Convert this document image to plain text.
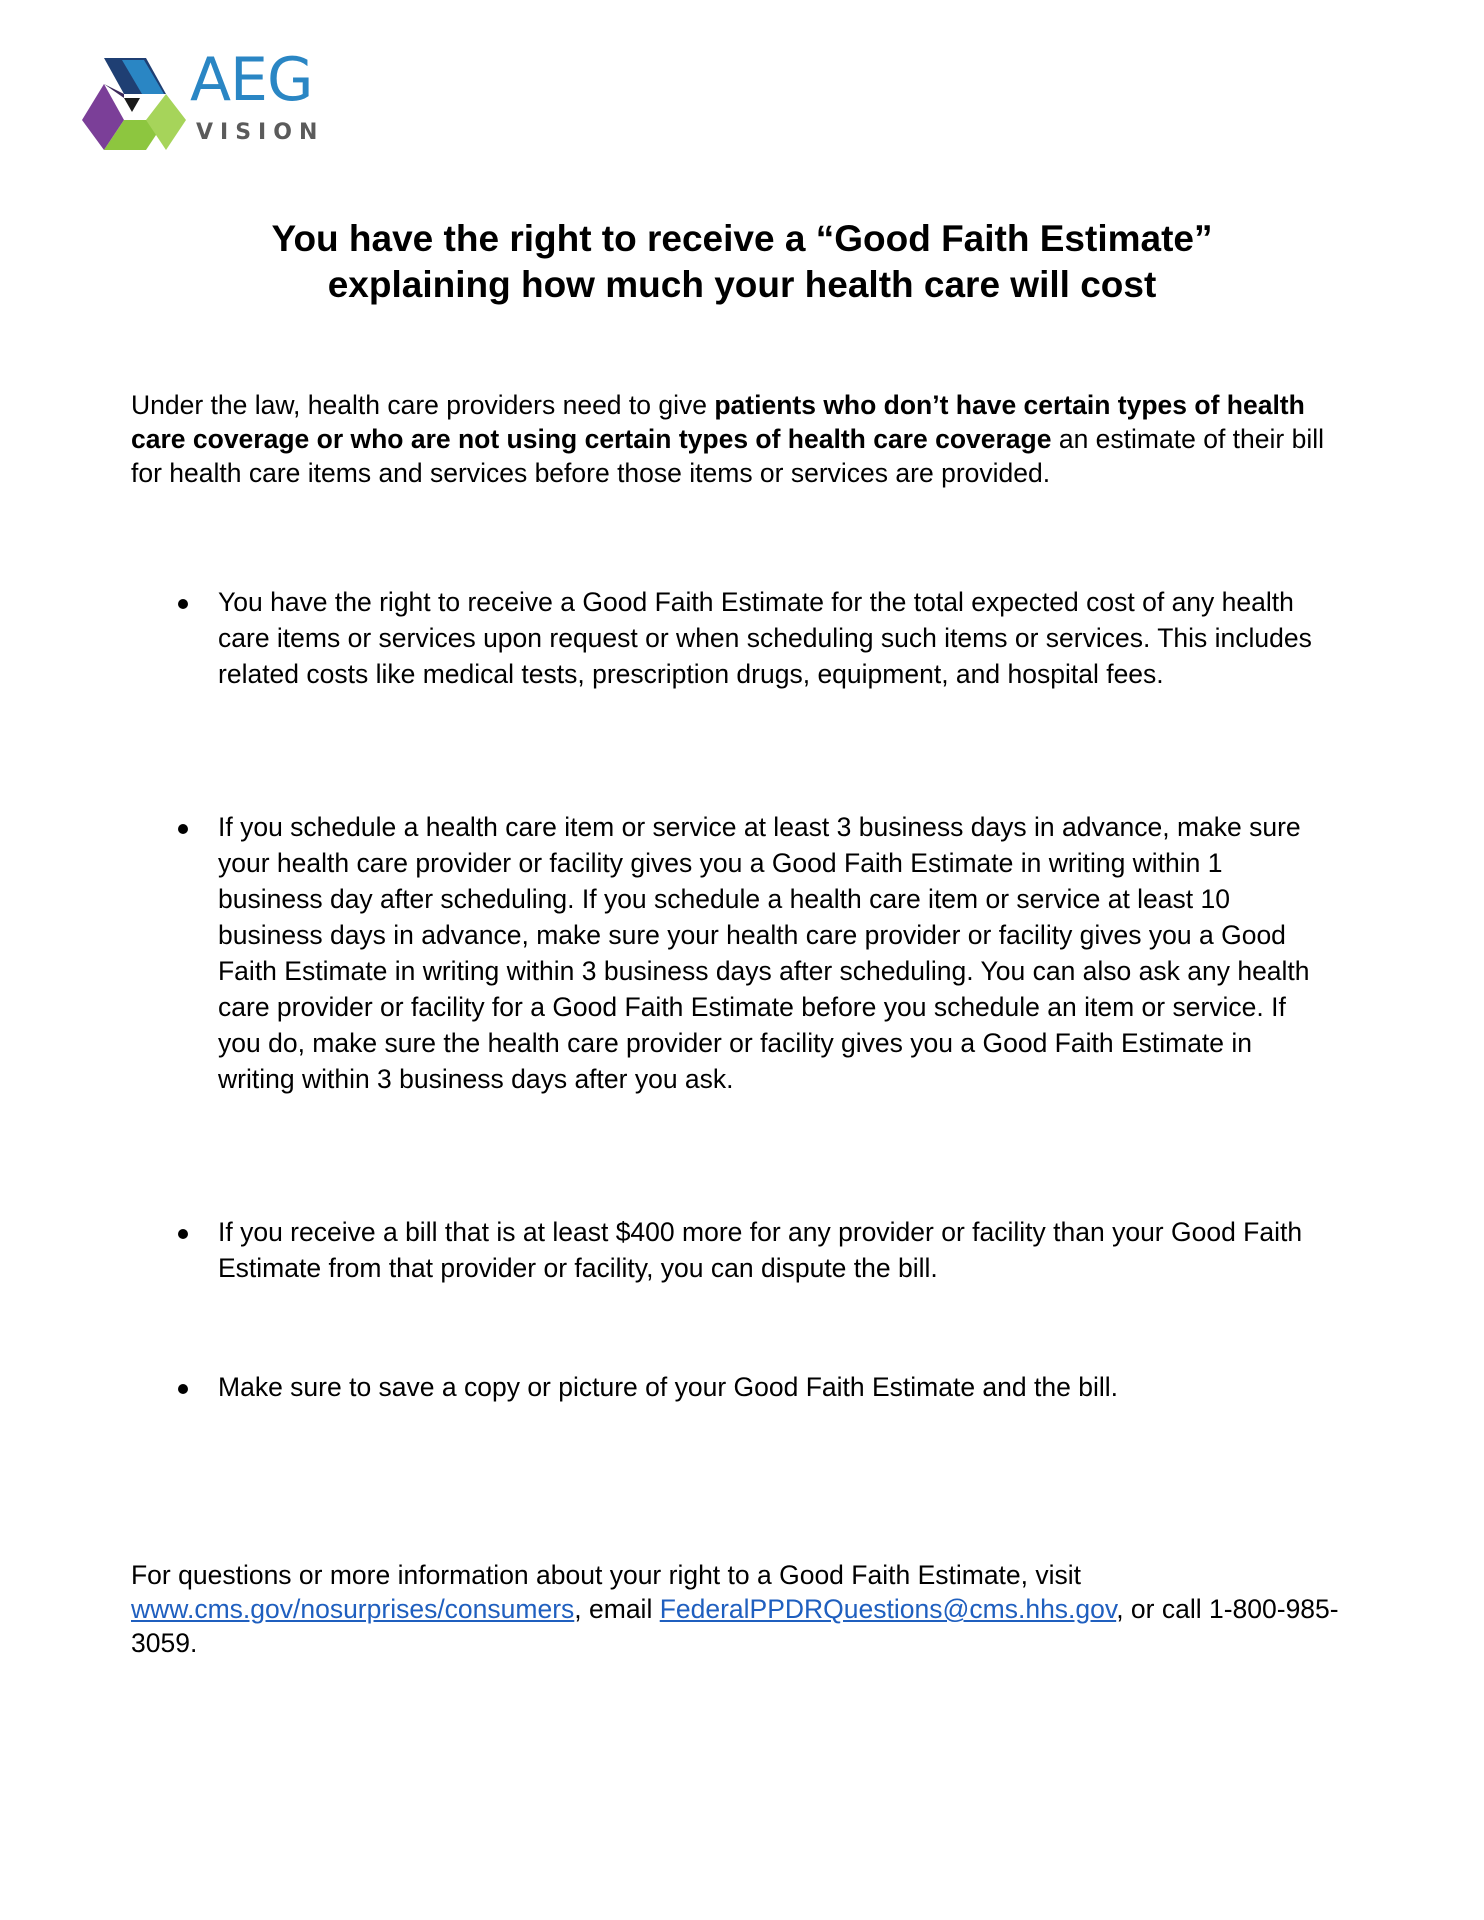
AEG
VISION
You have the right to receive a “Good Faith Estimate”
explaining how much your health care will cost

Under the law, health care providers need to give patients who don’t have certain types of health care coverage or who are not using certain types of health care coverage an estimate of their bill for health care items and services before those items or services are provided.

You have the right to receive a Good Faith Estimate for the total expected cost of any health care items or services upon request or when scheduling such items or services. This includes related costs like medical tests, prescription drugs, equipment, and hospital fees.

If you schedule a health care item or service at least 3 business days in advance, make sure your health care provider or facility gives you a Good Faith Estimate in writing within 1 business day after scheduling. If you schedule a health care item or service at least 10 business days in advance, make sure your health care provider or facility gives you a Good Faith Estimate in writing within 3 business days after scheduling. You can also ask any health care provider or facility for a Good Faith Estimate before you schedule an item or service. If you do, make sure the health care provider or facility gives you a Good Faith Estimate in writing within 3 business days after you ask.

If you receive a bill that is at least $400 more for any provider or facility than your Good Faith Estimate from that provider or facility, you can dispute the bill.

Make sure to save a copy or picture of your Good Faith Estimate and the bill.

For questions or more information about your right to a Good Faith Estimate, visit www.cms.gov/nosurprises/consumers, email FederalPPDRQuestions@cms.hhs.gov, or call 1-800-985-3059.
